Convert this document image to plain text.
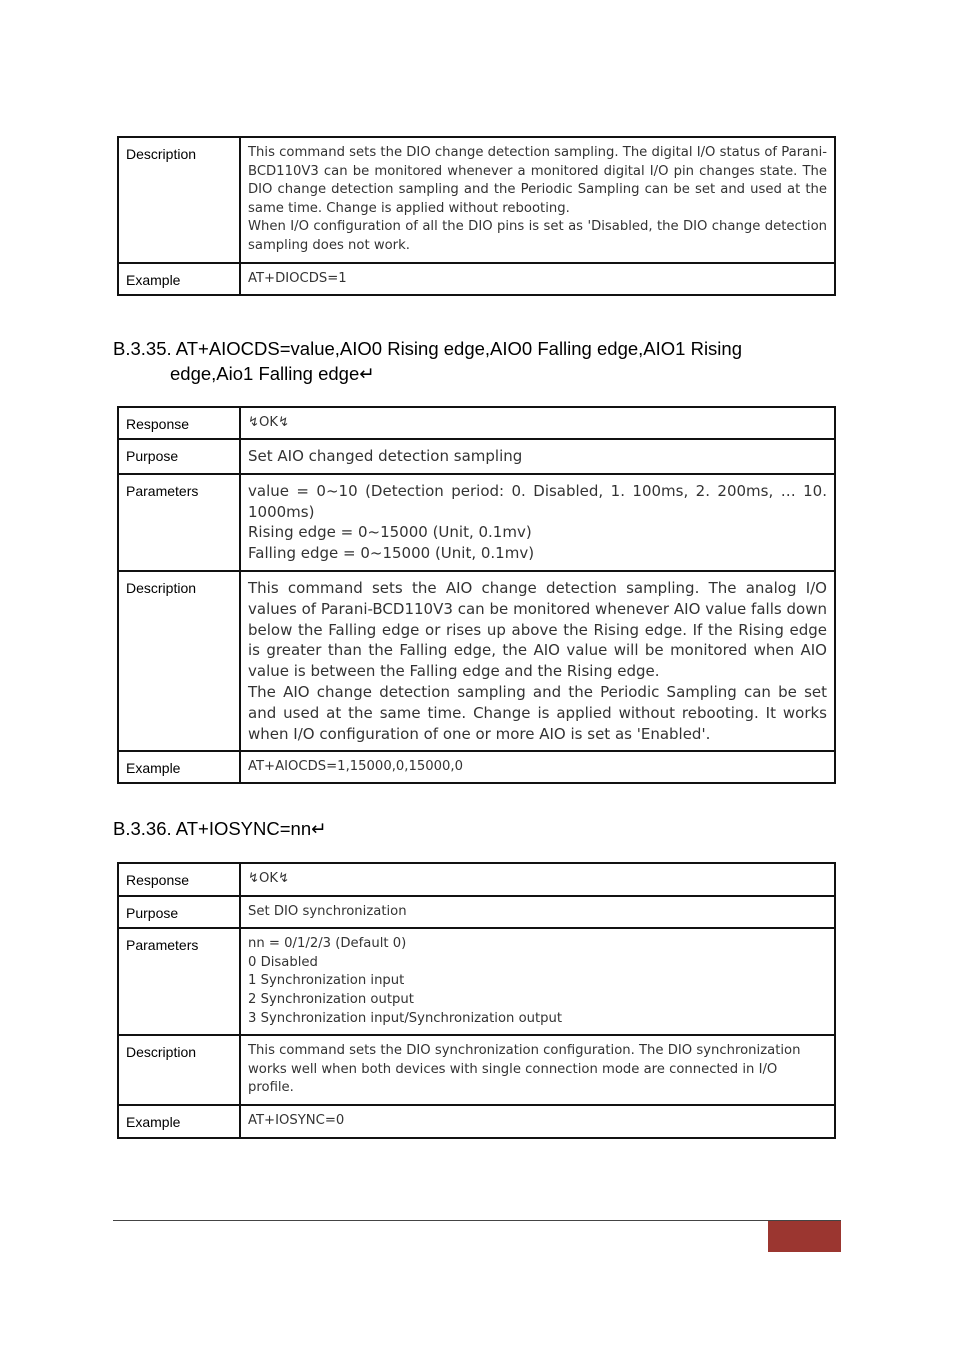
Description	This command sets the DIO change detection sampling. The digital I/O status of Parani-BCD110V3 can be monitored whenever a monitored digital I/O pin changes state. The DIO change detection sampling and the Periodic Sampling can be set and used at the same time. Change is applied without rebooting.
When I/O configuration of all the DIO pins is set as 'Disabled, the DIO change detection sampling does not work.

Example	AT+DIOCDS=1
B.3.35. AT+AIOCDS=value,AIO0 Rising edge,AIO0 Falling edge,AIO1 Rising
edge,Aio1 Falling edge↵
Response	↯OK↯
Purpose	Set AIO changed detection sampling
Parameters	value = 0~10 (Detection period: 0. Disabled, 1. 100ms, 2. 200ms, … 10. 1000ms)
Rising edge = 0~15000 (Unit, 0.1mv)
Falling edge = 0~15000 (Unit, 0.1mv)

Description	This command sets the AIO change detection sampling. The analog I/O values of Parani-BCD110V3 can be monitored whenever AIO value falls down below the Falling edge or rises up above the Rising edge. If the Rising edge is greater than the Falling edge, the AIO value will be monitored when AIO value is between the Falling edge and the Rising edge.
The AIO change detection sampling and the Periodic Sampling can be set and used at the same time. Change is applied without rebooting. It works when I/O configuration of one or more AIO is set as 'Enabled'.

Example	AT+AIOCDS=1,15000,0,15000,0
B.3.36. AT+IOSYNC=nn↵
Response	↯OK↯
Purpose	Set DIO synchronization
Parameters	nn = 0/1/2/3 (Default 0)
0 Disabled
1 Synchronization input
2 Synchronization output
3 Synchronization input/Synchronization output

Description	This command sets the DIO synchronization configuration. The DIO synchronization works well when both devices with single connection mode are connected in I/O profile.
Example	AT+IOSYNC=0
